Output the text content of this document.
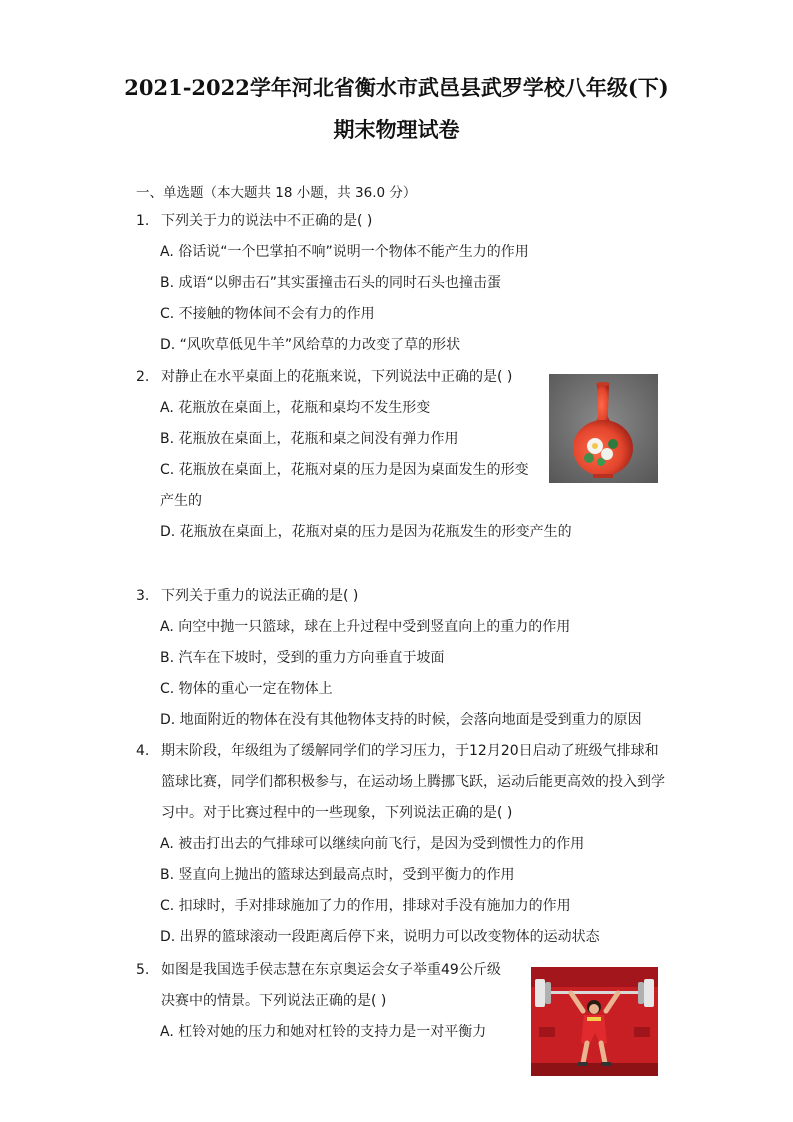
2021-2022学年河北省衡水市武邑县武罗学校八年级(下)
期末物理试卷
一、单选题（本大题共 18 小题，共 36.0 分）
1. 下列关于力的说法中不正确的是( )
A. 俗话说“一个巴掌拍不响”说明一个物体不能产生力的作用
B. 成语“以卵击石”其实蛋撞击石头的同时石头也撞击蛋
C. 不接触的物体间不会有力的作用
D. “风吹草低见牛羊”风给草的力改变了草的形状
2. 对静止在水平桌面上的花瓶来说，下列说法中正确的是( )
A. 花瓶放在桌面上，花瓶和桌均不发生形变
B. 花瓶放在桌面上，花瓶和桌之间没有弹力作用
C. 花瓶放在桌面上，花瓶对桌的压力是因为桌面发生的形变
产生的
D. 花瓶放在桌面上，花瓶对桌的压力是因为花瓶发生的形变产生的
3. 下列关于重力的说法正确的是( )
A. 向空中抛一只篮球，球在上升过程中受到竖直向上的重力的作用
B. 汽车在下坡时，受到的重力方向垂直于坡面
C. 物体的重心一定在物体上
D. 地面附近的物体在没有其他物体支持的时候，会落向地面是受到重力的原因
4. 期末阶段，年级组为了缓解同学们的学习压力，于12月20日启动了班级气排球和
篮球比赛，同学们都积极参与，在运动场上腾挪飞跃，运动后能更高效的投入到学
习中。对于比赛过程中的一些现象，下列说法正确的是( )
A. 被击打出去的气排球可以继续向前飞行，是因为受到惯性力的作用
B. 竖直向上抛出的篮球达到最高点时，受到平衡力的作用
C. 扣球时，手对排球施加了力的作用，排球对手没有施加力的作用
D. 出界的篮球滚动一段距离后停下来，说明力可以改变物体的运动状态
5. 如图是我国选手侯志慧在东京奥运会女子举重49公斤级
决赛中的情景。下列说法正确的是( )
A. 杠铃对她的压力和她对杠铃的支持力是一对平衡力
